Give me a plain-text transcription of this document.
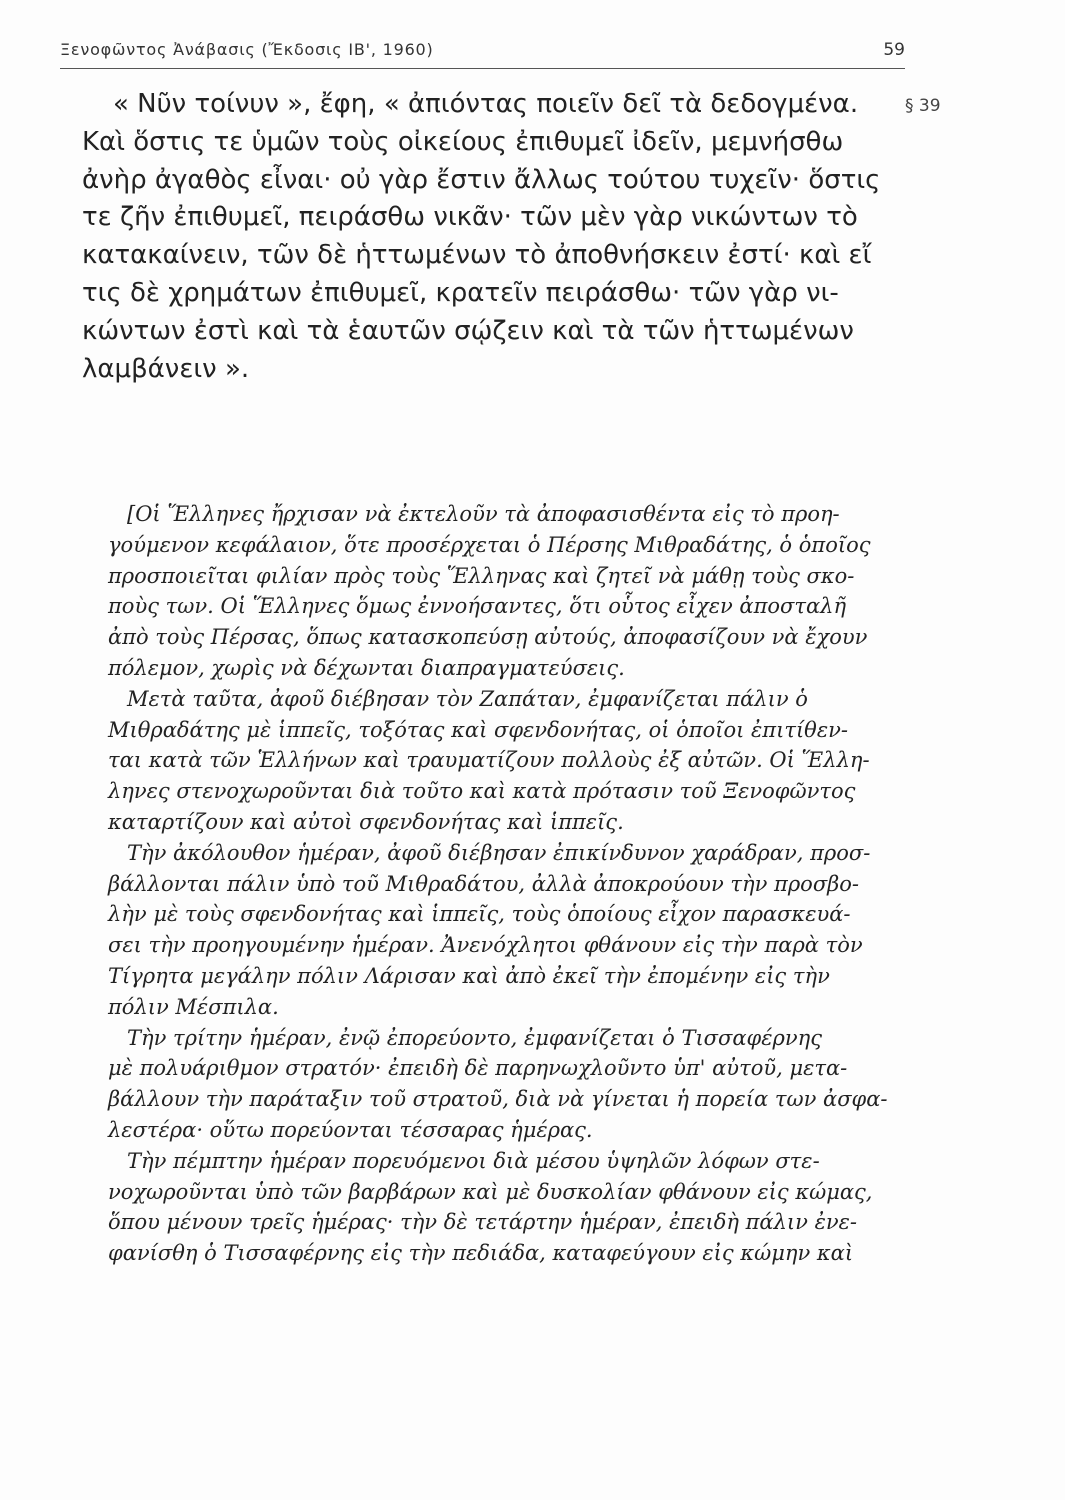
Ξενοφῶντος Ἀνάβασις (Ἔκδοσις ΙΒ', 1960)	59
§ 39
« Νῦν τοίνυν », ἔφη, « ἀπιόντας ποιεῖν δεῖ τὰ δεδογμένα.
Καὶ ὅστις τε ὑμῶν τοὺς οἰκείους ἐπιθυμεῖ ἰδεῖν, μεμνήσθω
ἀνὴρ ἀγαθὸς εἶναι· οὐ γὰρ ἔστιν ἄλλως τούτου τυχεῖν· ὅστις
τε ζῆν ἐπιθυμεῖ, πειράσθω νικᾶν· τῶν μὲν γὰρ νικώντων τὸ
κατακαίνειν, τῶν δὲ ἡττωμένων τὸ ἀποθνήσκειν ἐστί· καὶ εἴ
τις δὲ χρημάτων ἐπιθυμεῖ, κρατεῖν πειράσθω· τῶν γὰρ νι-
κώντων ἐστὶ καὶ τὰ ἑαυτῶν σῴζειν καὶ τὰ τῶν ἡττωμένων
λαμβάνειν ».
[Οἱ Ἕλληνες ἤρχισαν νὰ ἐκτελοῦν τὰ ἀποφασισθέντα εἰς τὸ προη-
γούμενον κεφάλαιον, ὅτε προσέρχεται ὁ Πέρσης Μιθραδάτης, ὁ ὁποῖος
προσποιεῖται φιλίαν πρὸς τοὺς Ἕλληνας καὶ ζητεῖ νὰ μάθῃ τοὺς σκο-
ποὺς των. Οἱ Ἕλληνες ὅμως ἐννοήσαντες, ὅτι οὗτος εἶχεν ἀποσταλῆ
ἀπὸ τοὺς Πέρσας, ὅπως κατασκοπεύσῃ αὐτούς, ἀποφασίζουν νὰ ἔχουν
πόλεμον, χωρὶς νὰ δέχωνται διαπραγματεύσεις.
Μετὰ ταῦτα, ἀφοῦ διέβησαν τὸν Ζαπάταν, ἐμφανίζεται πάλιν ὁ
Μιθραδάτης μὲ ἱππεῖς, τοξότας καὶ σφενδονήτας, οἱ ὁποῖοι ἐπιτίθεν-
ται κατὰ τῶν Ἑλλήνων καὶ τραυματίζουν πολλοὺς ἐξ αὐτῶν. Οἱ Ἕλλη-
ληνες στενοχωροῦνται διὰ τοῦτο καὶ κατὰ πρότασιν τοῦ Ξενοφῶντος
καταρτίζουν καὶ αὐτοὶ σφενδονήτας καὶ ἱππεῖς.
Τὴν ἀκόλουθον ἡμέραν, ἀφοῦ διέβησαν ἐπικίνδυνον χαράδραν, προσ-
βάλλονται πάλιν ὑπὸ τοῦ Μιθραδάτου, ἀλλὰ ἀποκρούουν τὴν προσβο-
λὴν μὲ τοὺς σφενδονήτας καὶ ἱππεῖς, τοὺς ὁποίους εἶχον παρασκευά-
σει τὴν προηγουμένην ἡμέραν. Ἀνενόχλητοι φθάνουν εἰς τὴν παρὰ τὸν
Τίγρητα μεγάλην πόλιν Λάρισαν καὶ ἀπὸ ἐκεῖ τὴν ἐπομένην εἰς τὴν
πόλιν Μέσπιλα.
Τὴν τρίτην ἡμέραν, ἐνῷ ἐπορεύοντο, ἐμφανίζεται ὁ Τισσαφέρνης
μὲ πολυάριθμον στρατόν· ἐπειδὴ δὲ παρηνωχλοῦντο ὑπ' αὐτοῦ, μετα-
βάλλουν τὴν παράταξιν τοῦ στρατοῦ, διὰ νὰ γίνεται ἡ πορεία των ἀσφα-
λεστέρα· οὕτω πορεύονται τέσσαρας ἡμέρας.
Τὴν πέμπτην ἡμέραν πορευόμενοι διὰ μέσου ὑψηλῶν λόφων στε-
νοχωροῦνται ὑπὸ τῶν βαρβάρων καὶ μὲ δυσκολίαν φθάνουν εἰς κώμας,
ὅπου μένουν τρεῖς ἡμέρας· τὴν δὲ τετάρτην ἡμέραν, ἐπειδὴ πάλιν ἐνε-
φανίσθη ὁ Τισσαφέρνης εἰς τὴν πεδιάδα, καταφεύγουν εἰς κώμην καὶ
